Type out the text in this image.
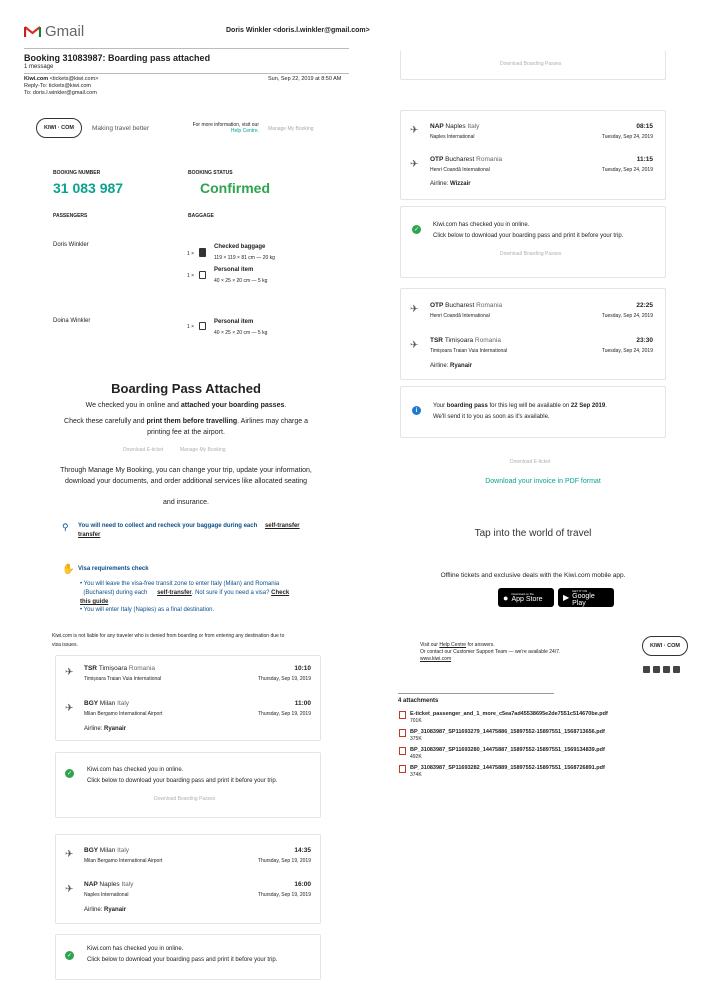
Gmail	Doris Winkler <doris.l.winkler@gmail.com>
Booking 31083987: Boarding pass attached
1 message
Kiwi.com <tickets@kiwi.com>	Sun, Sep 22, 2019 at 8:50 AM
Reply-To: tickets@kiwi.com
To: doris.l.winkler@gmail.com
KIWI · COM	Making travel better	For more information, visit our
Help Centre. Manage My Booking
BOOKING NUMBER
31 083 987
BOOKING STATUS
Confirmed
PASSENGERS	BAGGAGE
Doris Winkler
1 ×
Checked baggage
119 × 119 × 81 cm — 20 kg
1 ×
Personal item
40 × 25 × 20 cm — 5 kg
Doina Winkler
1 ×
Personal item
40 × 25 × 20 cm — 5 kg
Boarding Pass Attached
We checked you in online and attached your boarding passes.
Check these carefully and print them before travelling. Airlines may charge a
printing fee at the airport.
Download E-ticket	Manage My Booking
Through Manage My Booking, you can change your trip, update your information,
download your documents, and order additional services like allocated seating
and insurance.
⚲ You will need to collect and recheck your baggage during each self-transfer
transfer
✋ Visa requirements check
• You will leave the visa-free transit zone to enter Italy (Milan) and Romania
(Bucharest) during each self-transfer. Not sure if you need a visa? Check
this guide
• You will enter Italy (Naples) as a final destination.
Kiwi.com is not liable for any traveler who is denied from boarding or from entering any destination due to
visa issues.
✈ TSR Timișoara Romania
Timișoara Traian Vuia International
10:10
Thursday, Sep 19, 2019
✈ BGY Milan Italy
Milan Bergamo International Airport
11:00
Thursday, Sep 19, 2019
Airline: Ryanair
✓
Kiwi.com has checked you in online.
Click below to download your boarding pass and print it before your trip.
Download Boarding Passes
✈ BGY Milan Italy
Milan Bergamo International Airport
14:35
Thursday, Sep 19, 2019
✈ NAP Naples Italy
Naples International
16:00
Thursday, Sep 19, 2019
Airline: Ryanair
✓
Kiwi.com has checked you in online.
Click below to download your boarding pass and print it before your trip.
Download Boarding Passes
✈ NAP Naples Italy
Naples International
08:15
Tuesday, Sep 24, 2019
✈ OTP Bucharest Romania
Henri Coandă International
11:15
Tuesday, Sep 24, 2019
Airline: Wizzair
✓
Kiwi.com has checked you in online.
Click below to download your boarding pass and print it before your trip.
Download Boarding Passes
✈ OTP Bucharest Romania
Henri Coandă International
22:25
Tuesday, Sep 24, 2019
✈ TSR Timișoara Romania
Timișoara Traian Vuia International
23:30
Tuesday, Sep 24, 2019
Airline: Ryanair
i
Your boarding pass for this leg will be available on 22 Sep 2019.
We'll send it to you as soon as it's available.
Download E-ticket
Download your invoice in PDF format
Tap into the world of travel
Offline tickets and exclusive deals with the Kiwi.com mobile app.
● Download on the
App Store	▶
GET IT ON
Google Play
Visit our Help Centre for answers.
Or contact our Customer Support Team — we're available 24/7.
www.kiwi.com
KIWI · COM
4 attachments
E-ticket_passenger_and_1_more_c5ea7ad45538695e2de7551c514670be.pdf
701K
BP_31083987_SP11693279_14475886_15897552-15897551_1568713656.pdf
375K
BP_31083987_SP11693280_14475887_15897552-15897551_1569134839.pdf
492K
BP_31083987_SP11693282_14475889_15897552-15897551_1568726891.pdf
374K
